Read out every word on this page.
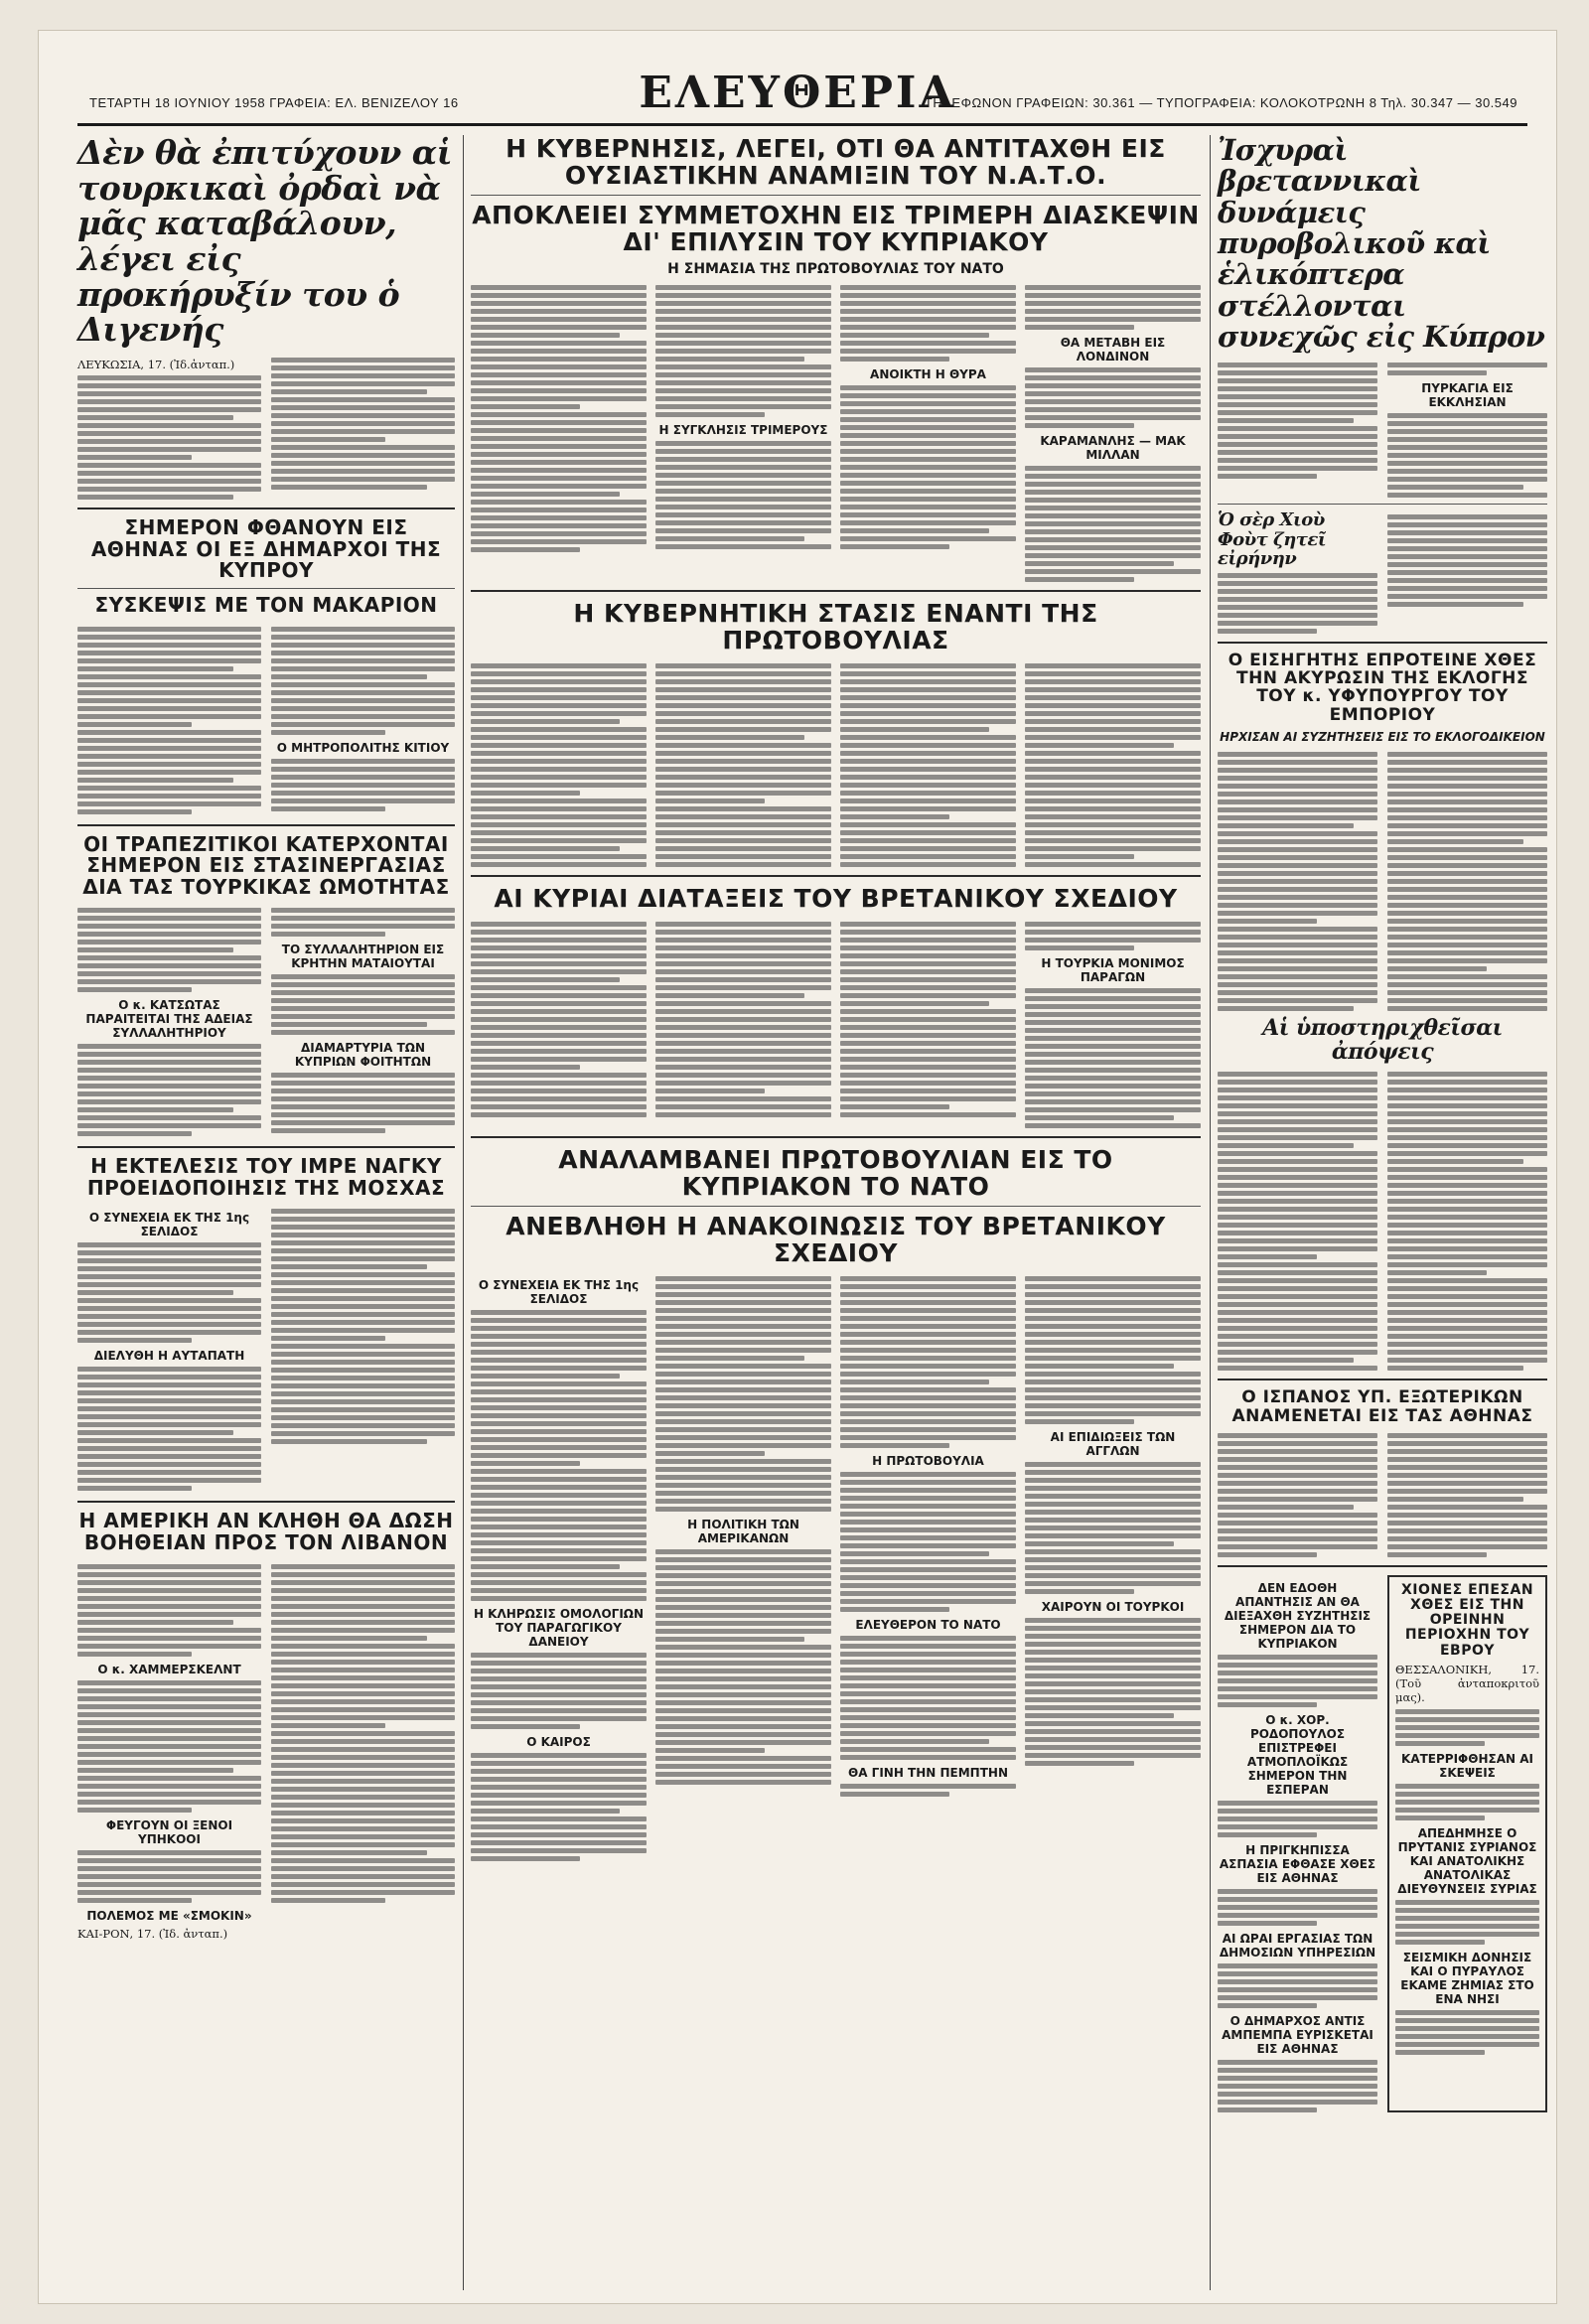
ΤΕΤΑΡΤΗ 18 ΙΟΥΝΙΟΥ 1958 ΓΡΑΦΕΙΑ: ΕΛ. ΒΕΝΙΖΕΛΟΥ 16	ΕΛΕΥΘΕΡΙΑ
ΤΗΛΕΦΩΝΟΝ ΓΡΑΦΕΙΩΝ: 30.361 — ΤΥΠΟΓΡΑΦΕΙΑ: ΚΟΛΟΚΟΤΡΩΝΗ 8 Τηλ. 30.347 — 30.549
Δὲν θὰ ἐπιτύχουν αἱ τουρκικαὶ ὀρδαὶ νὰ μᾶς καταβάλουν, λέγει εἰς προκήρυξίν του ὁ Διγενής
ΛΕΥΚΩΣΙΑ, 17. (Ἰδ.ἀνταπ.)
ΣΗΜΕΡΟΝ ΦΘΑΝΟΥΝ ΕΙΣ ΑΘΗΝΑΣ ΟΙ ΕΞ ΔΗΜΑΡΧΟΙ ΤΗΣ ΚΥΠΡΟΥ
ΣΥΣΚΕΨΙΣ ΜΕ ΤΟΝ ΜΑΚΑΡΙΟΝ
Ο ΜΗΤΡΟΠΟΛΙΤΗΣ ΚΙΤΙΟΥ
ΟΙ ΤΡΑΠΕΖΙΤΙΚΟΙ ΚΑΤΕΡΧΟΝΤΑΙ ΣΗΜΕΡΟΝ ΕΙΣ ΣΤΑΣΙΝΕΡΓΑΣΙΑΣ ΔΙΑ ΤΑΣ ΤΟΥΡΚΙΚΑΣ ΩΜΟΤΗΤΑΣ
Ο κ. ΚΑΤΣΩΤΑΣ ΠΑΡΑΙΤΕΙΤΑΙ ΤΗΣ ΑΔΕΙΑΣ ΣΥΛΛΑΛΗΤΗΡΙΟΥ
ΤΟ ΣΥΛΛΑΛΗΤΗΡΙΟΝ ΕΙΣ ΚΡΗΤΗΝ ΜΑΤΑΙΟΥΤΑΙ
ΔΙΑΜΑΡΤΥΡΙΑ ΤΩΝ ΚΥΠΡΙΩΝ ΦΟΙΤΗΤΩΝ
Η ΕΚΤΕΛΕΣΙΣ ΤΟΥ ΙΜΡΕ ΝΑΓΚΥ ΠΡΟΕΙΔΟΠΟΙΗΣΙΣ ΤΗΣ ΜΟΣΧΑΣ
Ο ΣΥΝΕΧΕΙΑ ΕΚ ΤΗΣ 1ης ΣΕΛΙΔΟΣ
ΔΙΕΛΥΘΗ Η ΑΥΤΑΠΑΤΗ
Η ΑΜΕΡΙΚΗ ΑΝ ΚΛΗΘΗ ΘΑ ΔΩΣΗ ΒΟΗΘΕΙΑΝ ΠΡΟΣ ΤΟΝ ΛΙΒΑΝΟΝ
Ο κ. ΧΑΜΜΕΡΣΚΕΛΝΤ
ΦΕΥΓΟΥΝ ΟΙ ΞΕΝΟΙ ΥΠΗΚΟΟΙ
ΠΟΛΕΜΟΣ ΜΕ «ΣΜΟΚΙΝ»
ΚΑΙ-ΡΟΝ, 17. (Ἰδ. ἀνταπ.)
Η ΚΥΒΕΡΝΗΣΙΣ, ΛΕΓΕΙ, ΟΤΙ ΘΑ ΑΝΤΙΤΑΧΘΗ ΕΙΣ ΟΥΣΙΑΣΤΙΚΗΝ ΑΝΑΜΙΞΙΝ ΤΟΥ Ν.Α.Τ.Ο.
ΑΠΟΚΛΕΙΕΙ ΣΥΜΜΕΤΟΧΗΝ ΕΙΣ ΤΡΙΜΕΡΗ ΔΙΑΣΚΕΨΙΝ ΔΙ' ΕΠΙΛΥΣΙΝ ΤΟΥ ΚΥΠΡΙΑΚΟΥ
Η ΣΗΜΑΣΙΑ ΤΗΣ ΠΡΩΤΟΒΟΥΛΙΑΣ ΤΟΥ ΝΑΤΟ
Η ΣΥΓΚΛΗΣΙΣ ΤΡΙΜΕΡΟΥΣ
ΑΝΟΙΚΤΗ Η ΘΥΡΑ
ΘΑ ΜΕΤΑΒΗ ΕΙΣ ΛΟΝΔΙΝΟΝ
ΚΑΡΑΜΑΝΛΗΣ — ΜΑΚ ΜΙΛΛΑΝ
Η ΚΥΒΕΡΝΗΤΙΚΗ ΣΤΑΣΙΣ ΕΝΑΝΤΙ ΤΗΣ ΠΡΩΤΟΒΟΥΛΙΑΣ
ΑΙ ΚΥΡΙΑΙ ΔΙΑΤΑΞΕΙΣ ΤΟΥ ΒΡΕΤΑΝΙΚΟΥ ΣΧΕΔΙΟΥ
Η ΤΟΥΡΚΙΑ ΜΟΝΙΜΟΣ ΠΑΡΑΓΩΝ
ΑΝΑΛΑΜΒΑΝΕΙ ΠΡΩΤΟΒΟΥΛΙΑΝ ΕΙΣ ΤΟ ΚΥΠΡΙΑΚΟΝ ΤΟ ΝΑΤΟ
ΑΝΕΒΛΗΘΗ Η ΑΝΑΚΟΙΝΩΣΙΣ ΤΟΥ ΒΡΕΤΑΝΙΚΟΥ ΣΧΕΔΙΟΥ
Ο ΣΥΝΕΧΕΙΑ ΕΚ ΤΗΣ 1ης ΣΕΛΙΔΟΣ
Η ΚΛΗΡΩΣΙΣ ΟΜΟΛΟΓΙΩΝ ΤΟΥ ΠΑΡΑΓΩΓΙΚΟΥ ΔΑΝΕΙΟΥ
Ο ΚΑΙΡΟΣ
Η ΠΟΛΙΤΙΚΗ ΤΩΝ ΑΜΕΡΙΚΑΝΩΝ
Η ΠΡΩΤΟΒΟΥΛΙΑ
ΕΛΕΥΘΕΡΟΝ ΤΟ ΝΑΤΟ
ΘΑ ΓΙΝΗ ΤΗΝ ΠΕΜΠΤΗΝ
ΑΙ ΕΠΙΔΙΩΞΕΙΣ ΤΩΝ ΑΓΓΛΩΝ
ΧΑΙΡΟΥΝ ΟΙ ΤΟΥΡΚΟΙ
Ἰσχυραὶ βρεταννικαὶ δυνάμεις πυροβολικοῦ καὶ ἑλικόπτερα στέλλονται συνεχῶς εἰς Κύπρον
ΠΥΡΚΑΓΙΑ ΕΙΣ ΕΚΚΛΗΣΙΑΝ
Ὁ σὲρ Χιοὺ Φοὺτ ζητεῖ εἰρήνην
Ο ΕΙΣΗΓΗΤΗΣ ΕΠΡΟΤΕΙΝΕ ΧΘΕΣ ΤΗΝ ΑΚΥΡΩΣΙΝ ΤΗΣ ΕΚΛΟΓΗΣ ΤΟΥ κ. ΥΦΥΠΟΥΡΓΟΥ ΤΟΥ ΕΜΠΟΡΙΟΥ
ΗΡΧΙΣΑΝ ΑΙ ΣΥΖΗΤΗΣΕΙΣ ΕΙΣ ΤΟ ΕΚΛΟΓΟΔΙΚΕΙΟΝ
Αἱ ὑποστηριχθεῖσαι ἀπόψεις
Ο ΙΣΠΑΝΟΣ ΥΠ. ΕΞΩΤΕΡΙΚΩΝ ΑΝΑΜΕΝΕΤΑΙ ΕΙΣ ΤΑΣ ΑΘΗΝΑΣ
ΔΕΝ ΕΔΟΘΗ ΑΠΑΝΤΗΣΙΣ ΑΝ ΘΑ ΔΙΕΞΑΧΘΗ ΣΥΖΗΤΗΣΙΣ ΣΗΜΕΡΟΝ ΔΙΑ ΤΟ ΚΥΠΡΙΑΚΟΝ
Ο κ. ΧΟΡ. ΡΟΔΟΠΟΥΛΟΣ ΕΠΙΣΤΡΕΦΕΙ ΑΤΜΟΠΛΟΪΚΩΣ ΣΗΜΕΡΟΝ ΤΗΝ ΕΣΠΕΡΑΝ
Η ΠΡΙΓΚΗΠΙΣΣΑ ΑΣΠΑΣΙΑ ΕΦΘΑΣΕ ΧΘΕΣ ΕΙΣ ΑΘΗΝΑΣ
ΑΙ ΩΡΑΙ ΕΡΓΑΣΙΑΣ ΤΩΝ ΔΗΜΟΣΙΩΝ ΥΠΗΡΕΣΙΩΝ
Ο ΔΗΜΑΡΧΟΣ ΑΝΤΙΣ ΑΜΠΕΜΠΑ ΕΥΡΙΣΚΕΤΑΙ ΕΙΣ ΑΘΗΝΑΣ
ΧΙΟΝΕΣ ΕΠΕΣΑΝ ΧΘΕΣ ΕΙΣ ΤΗΝ ΟΡΕΙΝΗΝ ΠΕΡΙΟΧΗΝ ΤΟΥ ΕΒΡΟΥ
ΘΕΣΣΑΛΟΝΙΚΗ, 17. (Τοῦ ἀνταποκριτοῦ μας).
ΚΑΤΕΡΡΙΦΘΗΣΑΝ ΑΙ ΣΚΕΨΕΙΣ
ΑΠΕΔΗΜΗΣΕ Ο ΠΡΥΤΑΝΙΣ ΣΥΡΙΑΝΟΣ ΚΑΙ ΑΝΑΤΟΛΙΚΗΣ ΑΝΑΤΟΛΙΚΑΣ ΔΙΕΥΘΥΝΣΕΙΣ ΣΥΡΙΑΣ
ΣΕΙΣΜΙΚΗ ΔΟΝΗΣΙΣ ΚΑΙ Ο ΠΥΡΑΥΛΟΣ ΕΚΑΜΕ ΖΗΜΙΑΣ ΣΤΟ ΕΝΑ ΝΗΣΙ
